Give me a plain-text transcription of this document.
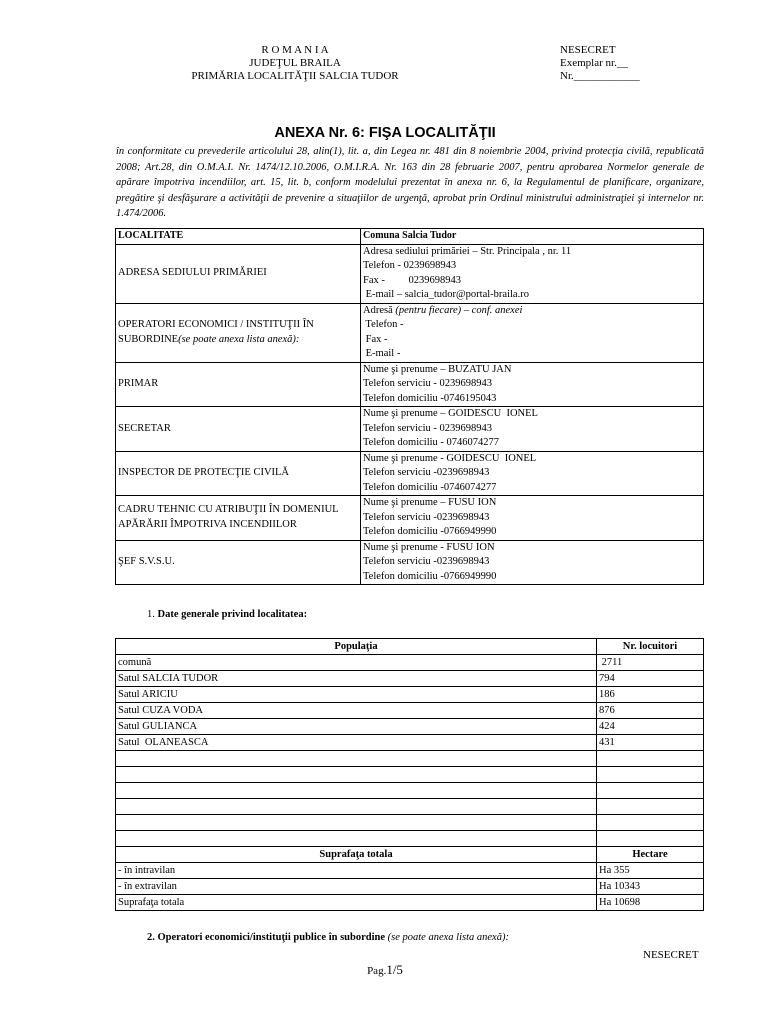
R O M A N I A
JUDEŢUL BRAILA
PRIMĂRIA LOCALITĂŢII SALCIA TUDOR
NESECRET
Exemplar nr.__
Nr.____________
ANEXA Nr. 6: FIŞA LOCALITĂŢII
în conformitate cu prevederile articolului 28, alin(1), lit. a, din Legea nr. 481 din 8 noiembrie 2004, privind protecţia civilă, republicată 2008; Art.28, din O.M.A.I. Nr. 1474/12.10.2006, O.M.I.R.A. Nr. 163 din 28 februarie 2007, pentru aprobarea Normelor generale de apărare împotriva incendiilor, art. 15, lit. b, conform modelului prezentat în anexa nr. 6, la Regulamentul de planificare, organizare, pregătire şi desfăşurare a activităţii de prevenire a situaţiilor de urgenţă, aprobat prin Ordinul ministrului administraţiei şi internelor nr. 1.474/2006.
LOCALITATE	Comuna Salcia Tudor
ADRESA SEDIULUI PRIMĂRIEI	Adresa sediului primăriei – Str. Principala , nr. 11
Telefon - 0239698943
Fax -         0239698943
E-mail – salcia_tudor@portal-braila.ro

OPERATORI ECONOMICI / INSTITUŢII ÎN SUBORDINE(se poate anexa lista anexă):	Adresă (pentru fiecare) – conf. anexei
Telefon -
Fax -
E-mail -

PRIMAR	Nume şi prenume – BUZATU JAN
Telefon serviciu - 0239698943
Telefon domiciliu -0746195043

SECRETAR	Nume şi prenume – GOIDESCU  IONEL
Telefon serviciu - 0239698943
Telefon domiciliu - 0746074277

INSPECTOR DE PROTECŢIE CIVILĂ	Nume şi prenume - GOIDESCU  IONEL
Telefon serviciu -0239698943
Telefon domiciliu -0746074277

CADRU TEHNIC CU ATRIBUŢII ÎN DOMENIUL APĂRĂRII ÎMPOTRIVA INCENDIILOR	Nume şi prenume – FUSU ION
Telefon serviciu -0239698943
Telefon domiciliu -0766949990

ŞEF S.V.S.U.	Nume şi prenume - FUSU ION
Telefon serviciu -0239698943
Telefon domiciliu -0766949990
1. Date generale privind localitatea:
Populaţia	Nr. locuitori
comună	2711
Satul SALCIA TUDOR	794
Satul ARICIU	186
Satul CUZA VODA	876
Satul GULIANCA	424
Satul  OLANEASCA	431

Suprafaţa totala	Hectare
- în intravilan	Ha 355
- în extravilan	Ha 10343
Suprafaţa totala	Ha 10698
2. Operatori economici/instituţii publice în subordine (se poate anexa lista anexă):
NESECRET
Pag.1/5
